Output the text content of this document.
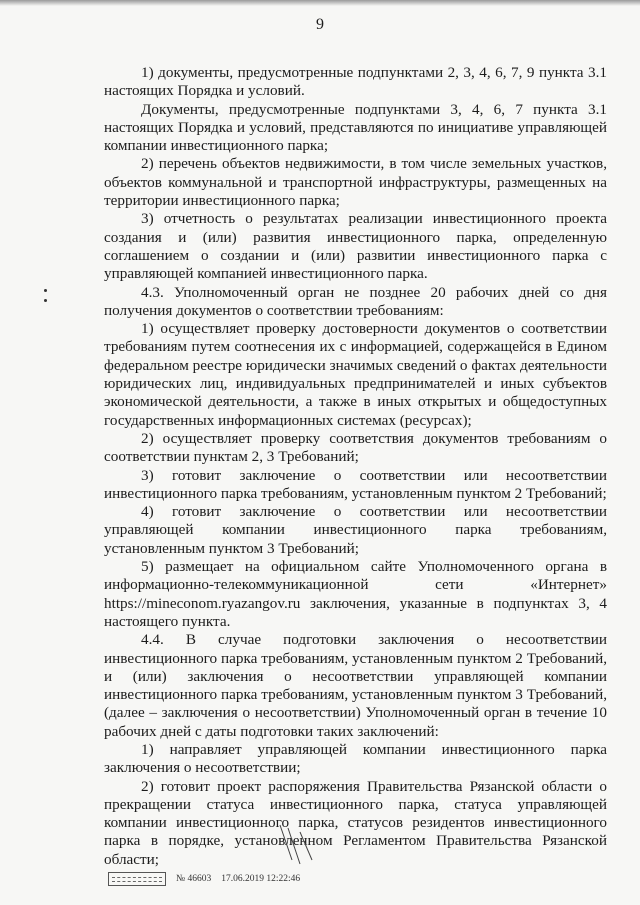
9

1) документы, предусмотренные подпунктами 2, 3, 4, 6, 7, 9 пункта 3.1 настоящих Порядка и условий.

Документы, предусмотренные подпунктами 3, 4, 6, 7 пункта 3.1 настоящих Порядка и условий, представляются по инициативе управляющей компании инвестиционного парка;

2) перечень объектов недвижимости, в том числе земельных участков, объектов коммунальной и транспортной инфраструктуры, размещенных на территории инвестиционного парка;

3) отчетность о результатах реализации инвестиционного проекта создания и (или) развития инвестиционного парка, определенную соглашением о создании и (или) развитии инвестиционного парка с управляющей компанией инвестиционного парка.

4.3. Уполномоченный орган не позднее 20 рабочих дней со дня получения документов о соответствии требованиям:

1) осуществляет проверку достоверности документов о соответствии требованиям путем соотнесения их с информацией, содержащейся в Едином федеральном реестре юридически значимых сведений о фактах деятельности юридических лиц, индивидуальных предпринимателей и иных субъектов экономической деятельности, а также в иных открытых и общедоступных государственных информационных системах (ресурсах);

2) осуществляет проверку соответствия документов требованиям о соответствии пунктам 2, 3 Требований;

3) готовит заключение о соответствии или несоответствии инвестиционного парка требованиям, установленным пунктом 2 Требований;

4) готовит заключение о соответствии или несоответствии управляющей компании инвестиционного парка требованиям, установленным пунктом 3 Требований;

5) размещает на официальном сайте Уполномоченного органа в информационно-телекоммуникационной сети «Интернет» https://mineconom.ryazangov.ru заключения, указанные в подпунктах 3, 4 настоящего пункта.

4.4. В случае подготовки заключения о несоответствии инвестиционного парка требованиям, установленным пунктом 2 Требований, и (или) заключения о несоответствии управляющей компании инвестиционного парка требованиям, установленным пунктом 3 Требований, (далее – заключения о несоответствии) Уполномоченный орган в течение 10 рабочих дней с даты подготовки таких заключений:

1) направляет управляющей компании инвестиционного парка заключения о несоответствии;

2) готовит проект распоряжения Правительства Рязанской области о прекращении статуса инвестиционного парка, статуса управляющей компании инвестиционного парка, статусов резидентов инвестиционного парка в порядке, установленном Регламентом Правительства Рязанской области;

№ 46603 17.06.2019 12:22:46
